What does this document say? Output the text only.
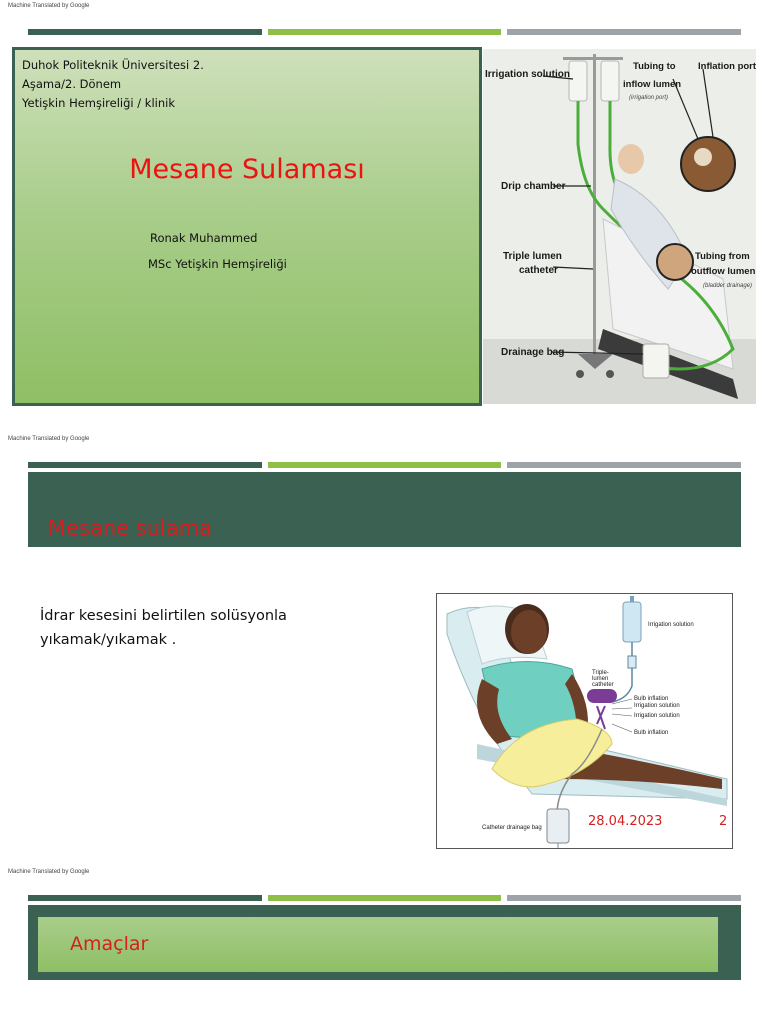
Machine Translated by Google
Duhok Politeknik Üniversitesi 2.
Aşama/2. Dönem
Yetişkin Hemşireliği / klinik
Mesane Sulaması
Ronak Muhammed
MSc Yetişkin Hemşireliği
Irrigation solution
Tubing to
inflow lumen
(irrigation port)
Inflation port
Drip chamber
Triple lumen
catheter
Tubing from
outflow lumen
(bladder drainage)
Drainage bag
Machine Translated by Google
Mesane sulama
İdrar kesesini belirtilen solüsyonla
yıkamak/yıkamak .
Irrigation solution
Triple-
lumen
catheter
Bulb inflation
Irrigation solution
Irrigation solution
Bulb inflation
Catheter drainage bag	28.04.2023	2
Machine Translated by Google
Amaçlar
